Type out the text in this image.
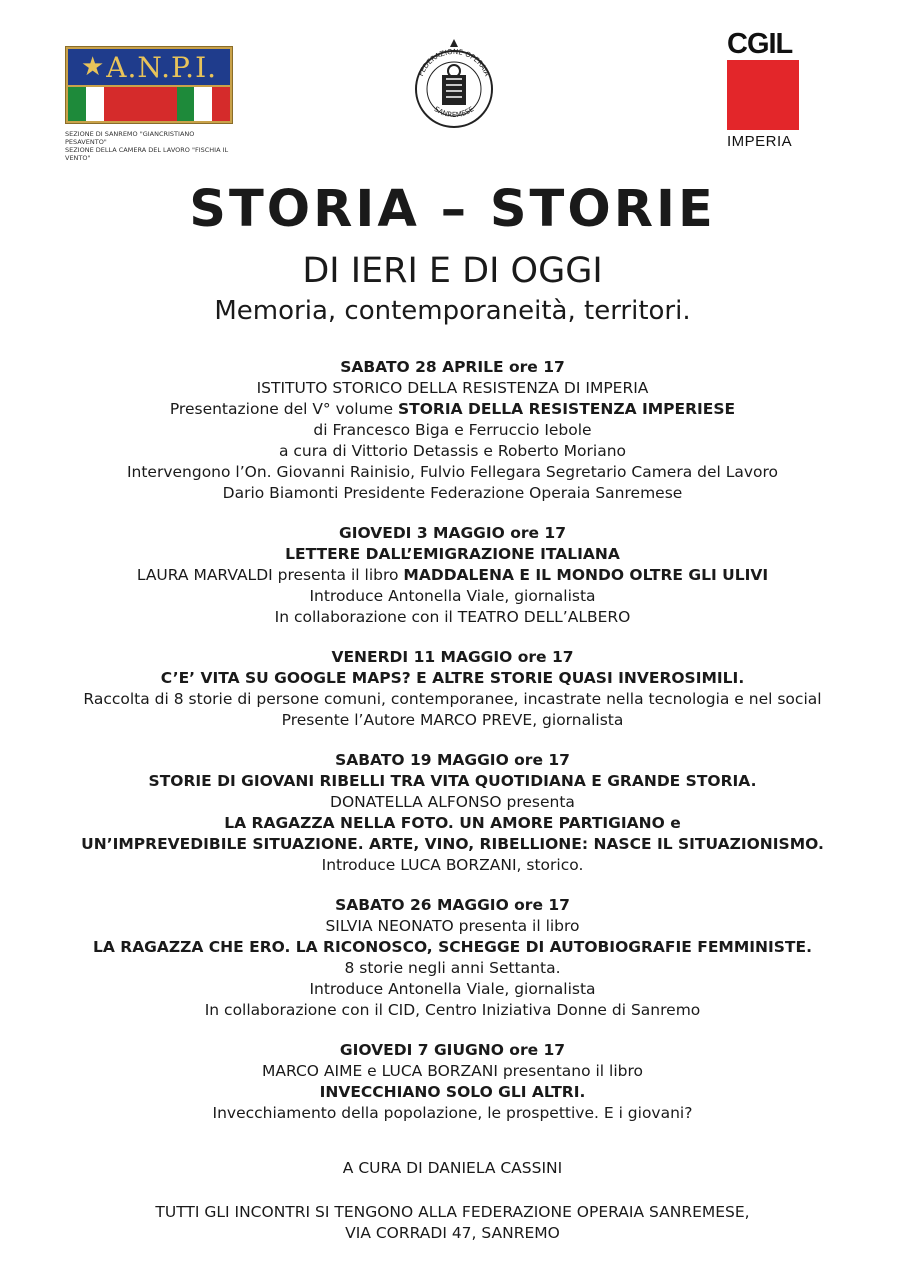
★ A.N.P.I.
SEZIONE DI SANREMO "GIANCRISTIANO PESAVENTO"
SEZIONE DELLA CAMERA DEL LAVORO "FISCHIA IL VENTO"
FEDERAZIONE OPERAIA
SANREMESE
CGIL
IMPERIA
STORIA – STORIE
DI IERI E DI OGGI
Memoria, contemporaneità, territori.
SABATO 28 APRILE ore 17
ISTITUTO STORICO DELLA RESISTENZA DI IMPERIA
Presentazione del V° volume STORIA DELLA RESISTENZA IMPERIESE
di Francesco Biga e Ferruccio Iebole
a cura di Vittorio Detassis e Roberto Moriano
Intervengono l’On. Giovanni Rainisio, Fulvio Fellegara Segretario Camera del Lavoro
Dario Biamonti Presidente Federazione Operaia Sanremese
GIOVEDI 3 MAGGIO ore 17
LETTERE DALL’EMIGRAZIONE ITALIANA
LAURA MARVALDI presenta il libro MADDALENA E IL MONDO OLTRE GLI ULIVI
Introduce Antonella Viale, giornalista
In collaborazione con il TEATRO DELL’ALBERO
VENERDI 11 MAGGIO ore 17
C’E’ VITA SU GOOGLE MAPS? E ALTRE STORIE QUASI INVEROSIMILI.
Raccolta di 8 storie di persone comuni, contemporanee, incastrate nella tecnologia e nel social
Presente l’Autore MARCO PREVE, giornalista
SABATO 19 MAGGIO ore 17
STORIE DI GIOVANI RIBELLI TRA VITA QUOTIDIANA E GRANDE STORIA.
DONATELLA ALFONSO presenta
LA RAGAZZA NELLA FOTO. UN AMORE PARTIGIANO e
UN’IMPREVEDIBILE SITUAZIONE. ARTE, VINO, RIBELLIONE: NASCE IL SITUAZIONISMO.
Introduce LUCA BORZANI, storico.
SABATO 26 MAGGIO ore 17
SILVIA NEONATO presenta il libro
LA RAGAZZA CHE ERO. LA RICONOSCO, SCHEGGE DI AUTOBIOGRAFIE FEMMINISTE.
8 storie negli anni Settanta.
Introduce Antonella Viale, giornalista
In collaborazione con il CID, Centro Iniziativa Donne di Sanremo
GIOVEDI 7 GIUGNO ore 17
MARCO AIME e LUCA BORZANI presentano il libro
INVECCHIANO SOLO GLI ALTRI.
Invecchiamento della popolazione, le prospettive. E i giovani?
A CURA DI DANIELA CASSINI
TUTTI GLI INCONTRI SI TENGONO ALLA FEDERAZIONE OPERAIA SANREMESE,
VIA CORRADI 47, SANREMO
